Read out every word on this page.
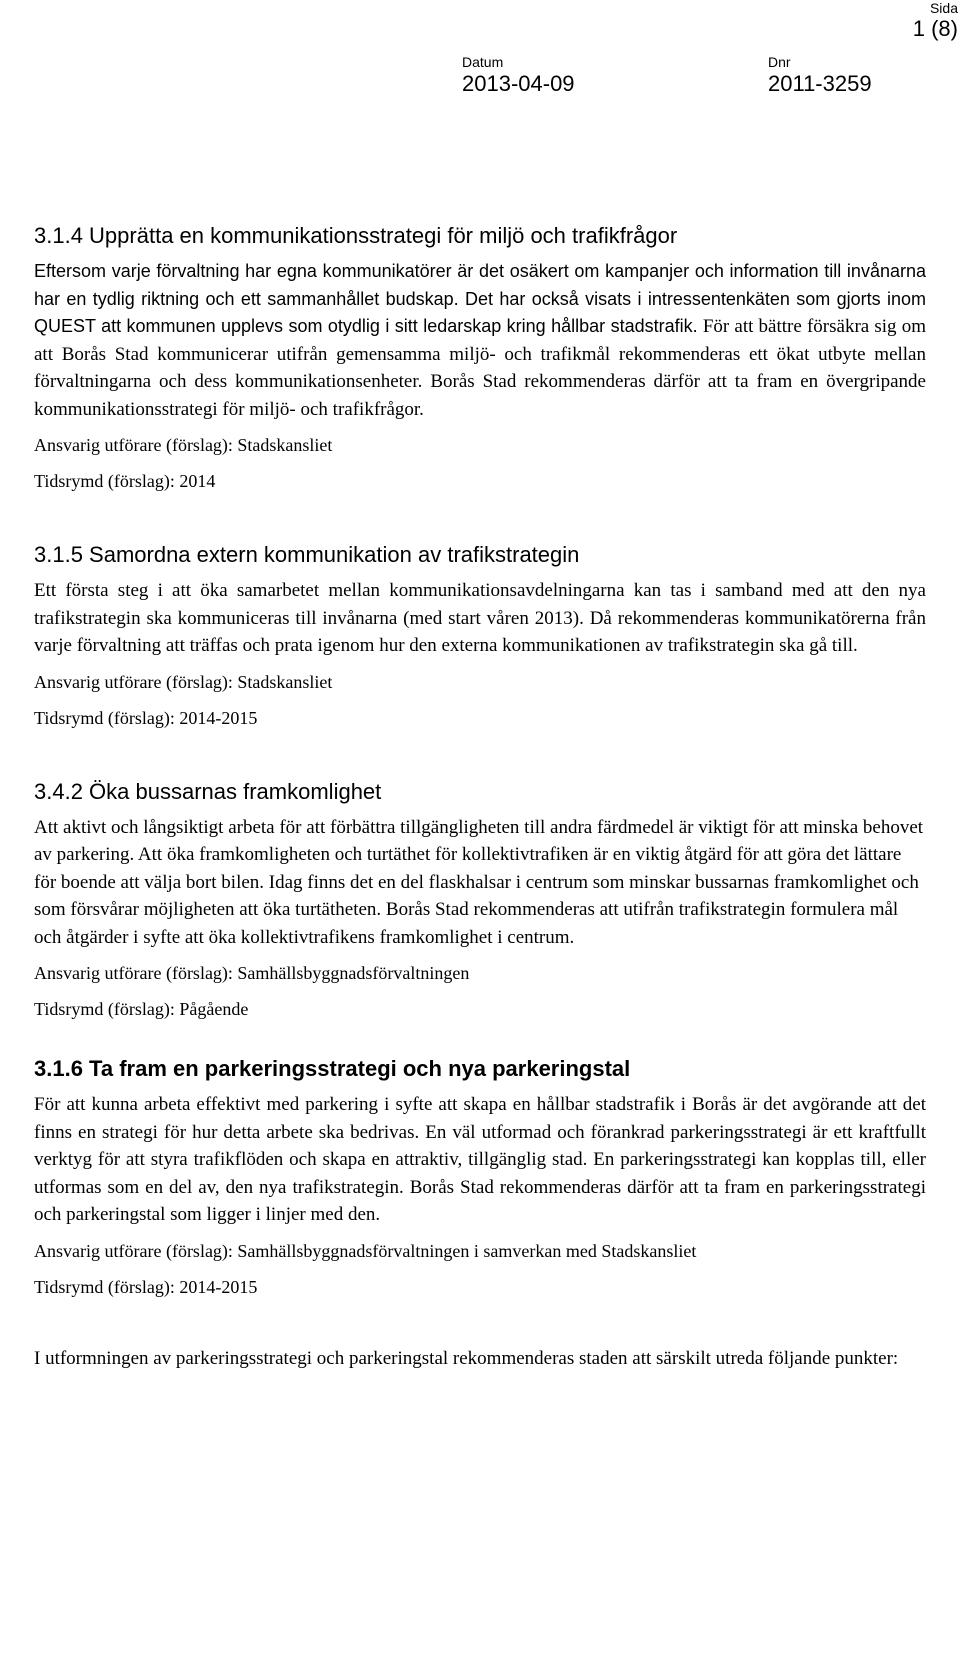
Sida
1 (8)
Datum
2013-04-09
Dnr
2011-3259
3.1.4 Upprätta en kommunikationsstrategi för miljö och trafikfrågor

Eftersom varje förvaltning har egna kommunikatörer är det osäkert om kampanjer och information till invånarna har en tydlig riktning och ett sammanhållet budskap. Det har också visats i intressentenkäten som gjorts inom QUEST att kommunen upplevs som otydlig i sitt ledarskap kring hållbar stadstrafik. För att bättre försäkra sig om att Borås Stad kommunicerar utifrån gemensamma miljö- och trafikmål rekommenderas ett ökat utbyte mellan förvaltningarna och dess kommunikationsenheter. Borås Stad rekommenderas därför att ta fram en övergripande kommunikationsstrategi för miljö- och trafikfrågor.

Ansvarig utförare (förslag): Stadskansliet

Tidsrymd (förslag): 2014

3.1.5 Samordna extern kommunikation av trafikstrategin

Ett första steg i att öka samarbetet mellan kommunikationsavdelningarna kan tas i samband med att den nya trafikstrategin ska kommuniceras till invånarna (med start våren 2013). Då rekommenderas kommunikatörerna från varje förvaltning att träffas och prata igenom hur den externa kommunikationen av trafikstrategin ska gå till.

Ansvarig utförare (förslag): Stadskansliet

Tidsrymd (förslag): 2014-2015

3.4.2 Öka bussarnas framkomlighet

Att aktivt och långsiktigt arbeta för att förbättra tillgängligheten till andra färdmedel är viktigt för att minska behovet av parkering. Att öka framkomligheten och turtäthet för kollektivtrafiken är en viktig åtgärd för att göra det lättare för boende att välja bort bilen. Idag finns det en del flaskhalsar i centrum som minskar bussarnas framkomlighet och som försvårar möjligheten att öka turtätheten. Borås Stad rekommenderas att utifrån trafikstrategin formulera mål och åtgärder i syfte att öka kollektivtrafikens framkomlighet i centrum.

Ansvarig utförare (förslag): Samhällsbyggnadsförvaltningen

Tidsrymd (förslag): Pågående

3.1.6 Ta fram en parkeringsstrategi och nya parkeringstal

För att kunna arbeta effektivt med parkering i syfte att skapa en hållbar stadstrafik i Borås är det avgörande att det finns en strategi för hur detta arbete ska bedrivas. En väl utformad och förankrad parkeringsstrategi är ett kraftfullt verktyg för att styra trafikflöden och skapa en attraktiv, tillgänglig stad. En parkeringsstrategi kan kopplas till, eller utformas som en del av, den nya trafikstrategin. Borås Stad rekommenderas därför att ta fram en parkeringsstrategi och parkeringstal som ligger i linjer med den.

Ansvarig utförare (förslag): Samhällsbyggnadsförvaltningen i samverkan med Stadskansliet

Tidsrymd (förslag): 2014-2015

I utformningen av parkeringsstrategi och parkeringstal rekommenderas staden att särskilt utreda följande punkter:
